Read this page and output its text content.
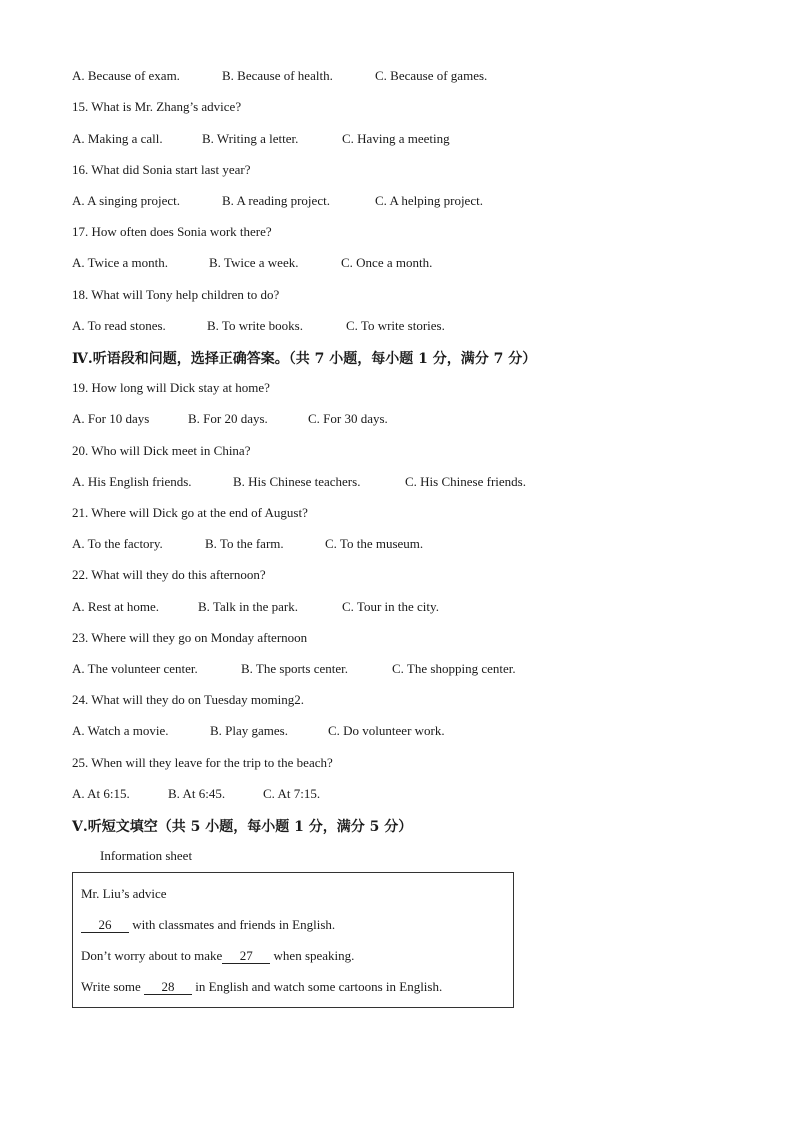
A. Because of exam.	B. Because of health.	C. Because of games.
15. What is Mr. Zhang’s advice?
A. Making a call.	B. Writing a letter.	C. Having a meeting
16. What did Sonia start last year?
A. A singing project.	B. A reading project.	C. A helping project.
17. How often does Sonia work there?
A. Twice a month.	B. Twice a week.	C. Once a month.
18. What will Tony help children to do?
A. To read stones.	B. To write books.	C. To write stories.
Ⅳ.听语段和问题，选择正确答案。（共 7 小题，每小题 1 分，满分 7 分）
19. How long will Dick stay at home?
A. For 10 days	B. For 20 days.	C. For 30 days.
20. Who will Dick meet in China?
A. His English friends.	B. His Chinese teachers.	C. His Chinese friends.
21. Where will Dick go at the end of August?
A. To the factory.	B. To the farm.	C. To the museum.
22. What will they do this afternoon?
A. Rest at home.	B. Talk in the park.	C. Tour in the city.
23. Where will they go on Monday afternoon
A. The volunteer center.	B. The sports center.	C. The shopping center.
24. What will they do on Tuesday moming2.
A. Watch a movie.	B. Play games.	C. Do volunteer work.
25. When will they leave for the trip to the beach?
A. At 6:15.	B. At 6:45.	C. At 7:15.
Ⅴ.听短文填空（共 5 小题，每小题 1 分，满分 5 分）
Information sheet
Mr. Liu’s advice
26 with classmates and friends in English.
Don’t worry about to make 27 when speaking.
Write some 28 in English and watch some cartoons in English.
